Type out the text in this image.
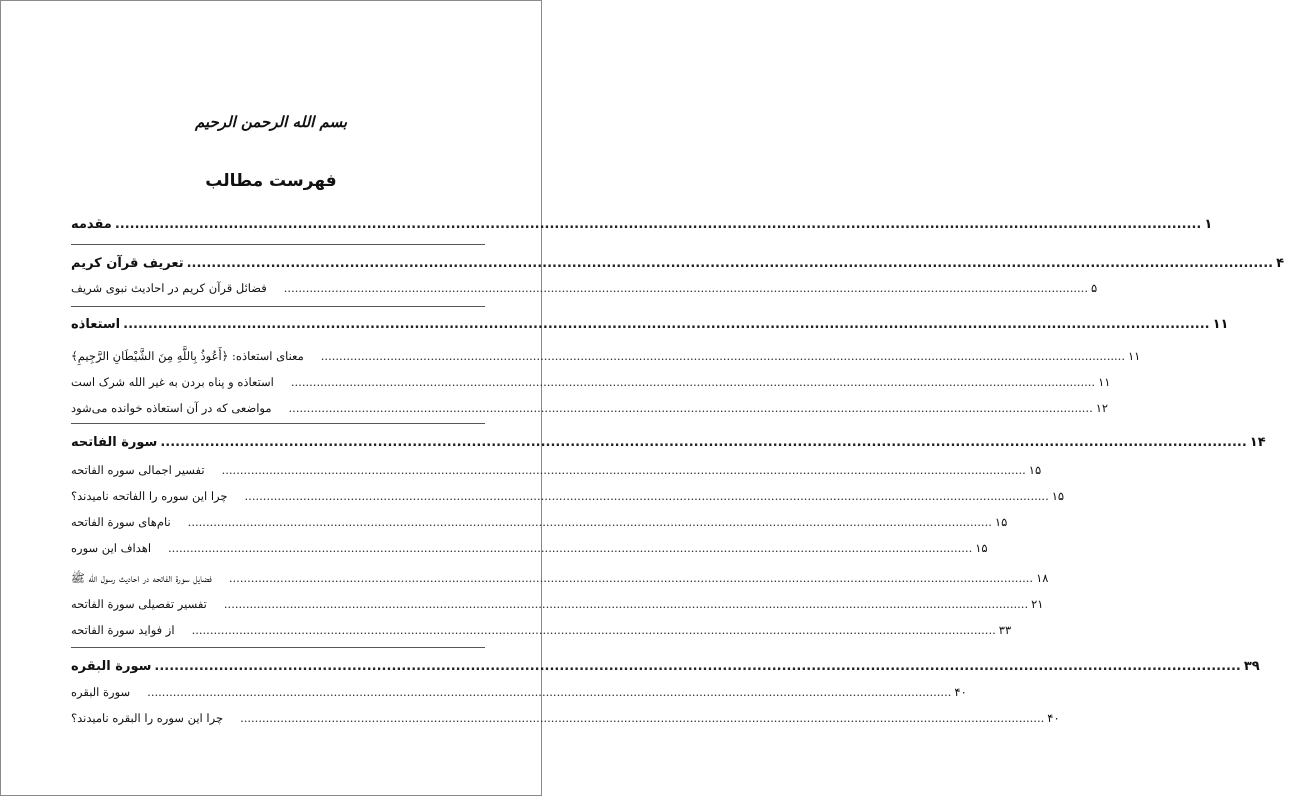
بسم الله الرحمن الرحيم
فهرست مطالب
مقدمه ............................................................................................................................................................................................................................ ۱
تعریف قرآن کریم ............................................................................................................................................................................................................................ ۴
فضائل قرآن کریم در احادیث نبوی شریف	............................................................................................................................................................................................................................ ۵
استعاذه ............................................................................................................................................................................................................................ ۱۱
معنای استعاذه: ﴿أَعُوذُ بِاللَّهِ مِنَ الشَّيْطَانِ الرَّجِيمِ﴾	............................................................................................................................................................................................................................ ۱۱
استعاذه و پناه بردن به غیر الله شرک است	............................................................................................................................................................................................................................ ۱۱
مواضعی که در آن استعاذه خوانده می‌شود	............................................................................................................................................................................................................................ ۱۲
سورة الفاتحه ............................................................................................................................................................................................................................ ۱۴
تفسیر اجمالی سوره الفاتحه	............................................................................................................................................................................................................................ ۱۵
چرا این سوره را الفاتحه نامیدند؟	............................................................................................................................................................................................................................ ۱۵
نام‌های سورة الفاتحه	............................................................................................................................................................................................................................ ۱۵
اهداف این سوره	............................................................................................................................................................................................................................ ۱۵
فضایل سورة الفاتحه در احادیث رسول الله ﷺ	............................................................................................................................................................................................................................ ۱۸
تفسیر تفصیلی سورة الفاتحه	............................................................................................................................................................................................................................ ۲۱
از فواید سورة الفاتحه	............................................................................................................................................................................................................................ ۳۳
سورة البقره ............................................................................................................................................................................................................................ ۳۹
سورة البقره	............................................................................................................................................................................................................................ ۴۰
چرا این سوره را البقره نامیدند؟	............................................................................................................................................................................................................................ ۴۰
